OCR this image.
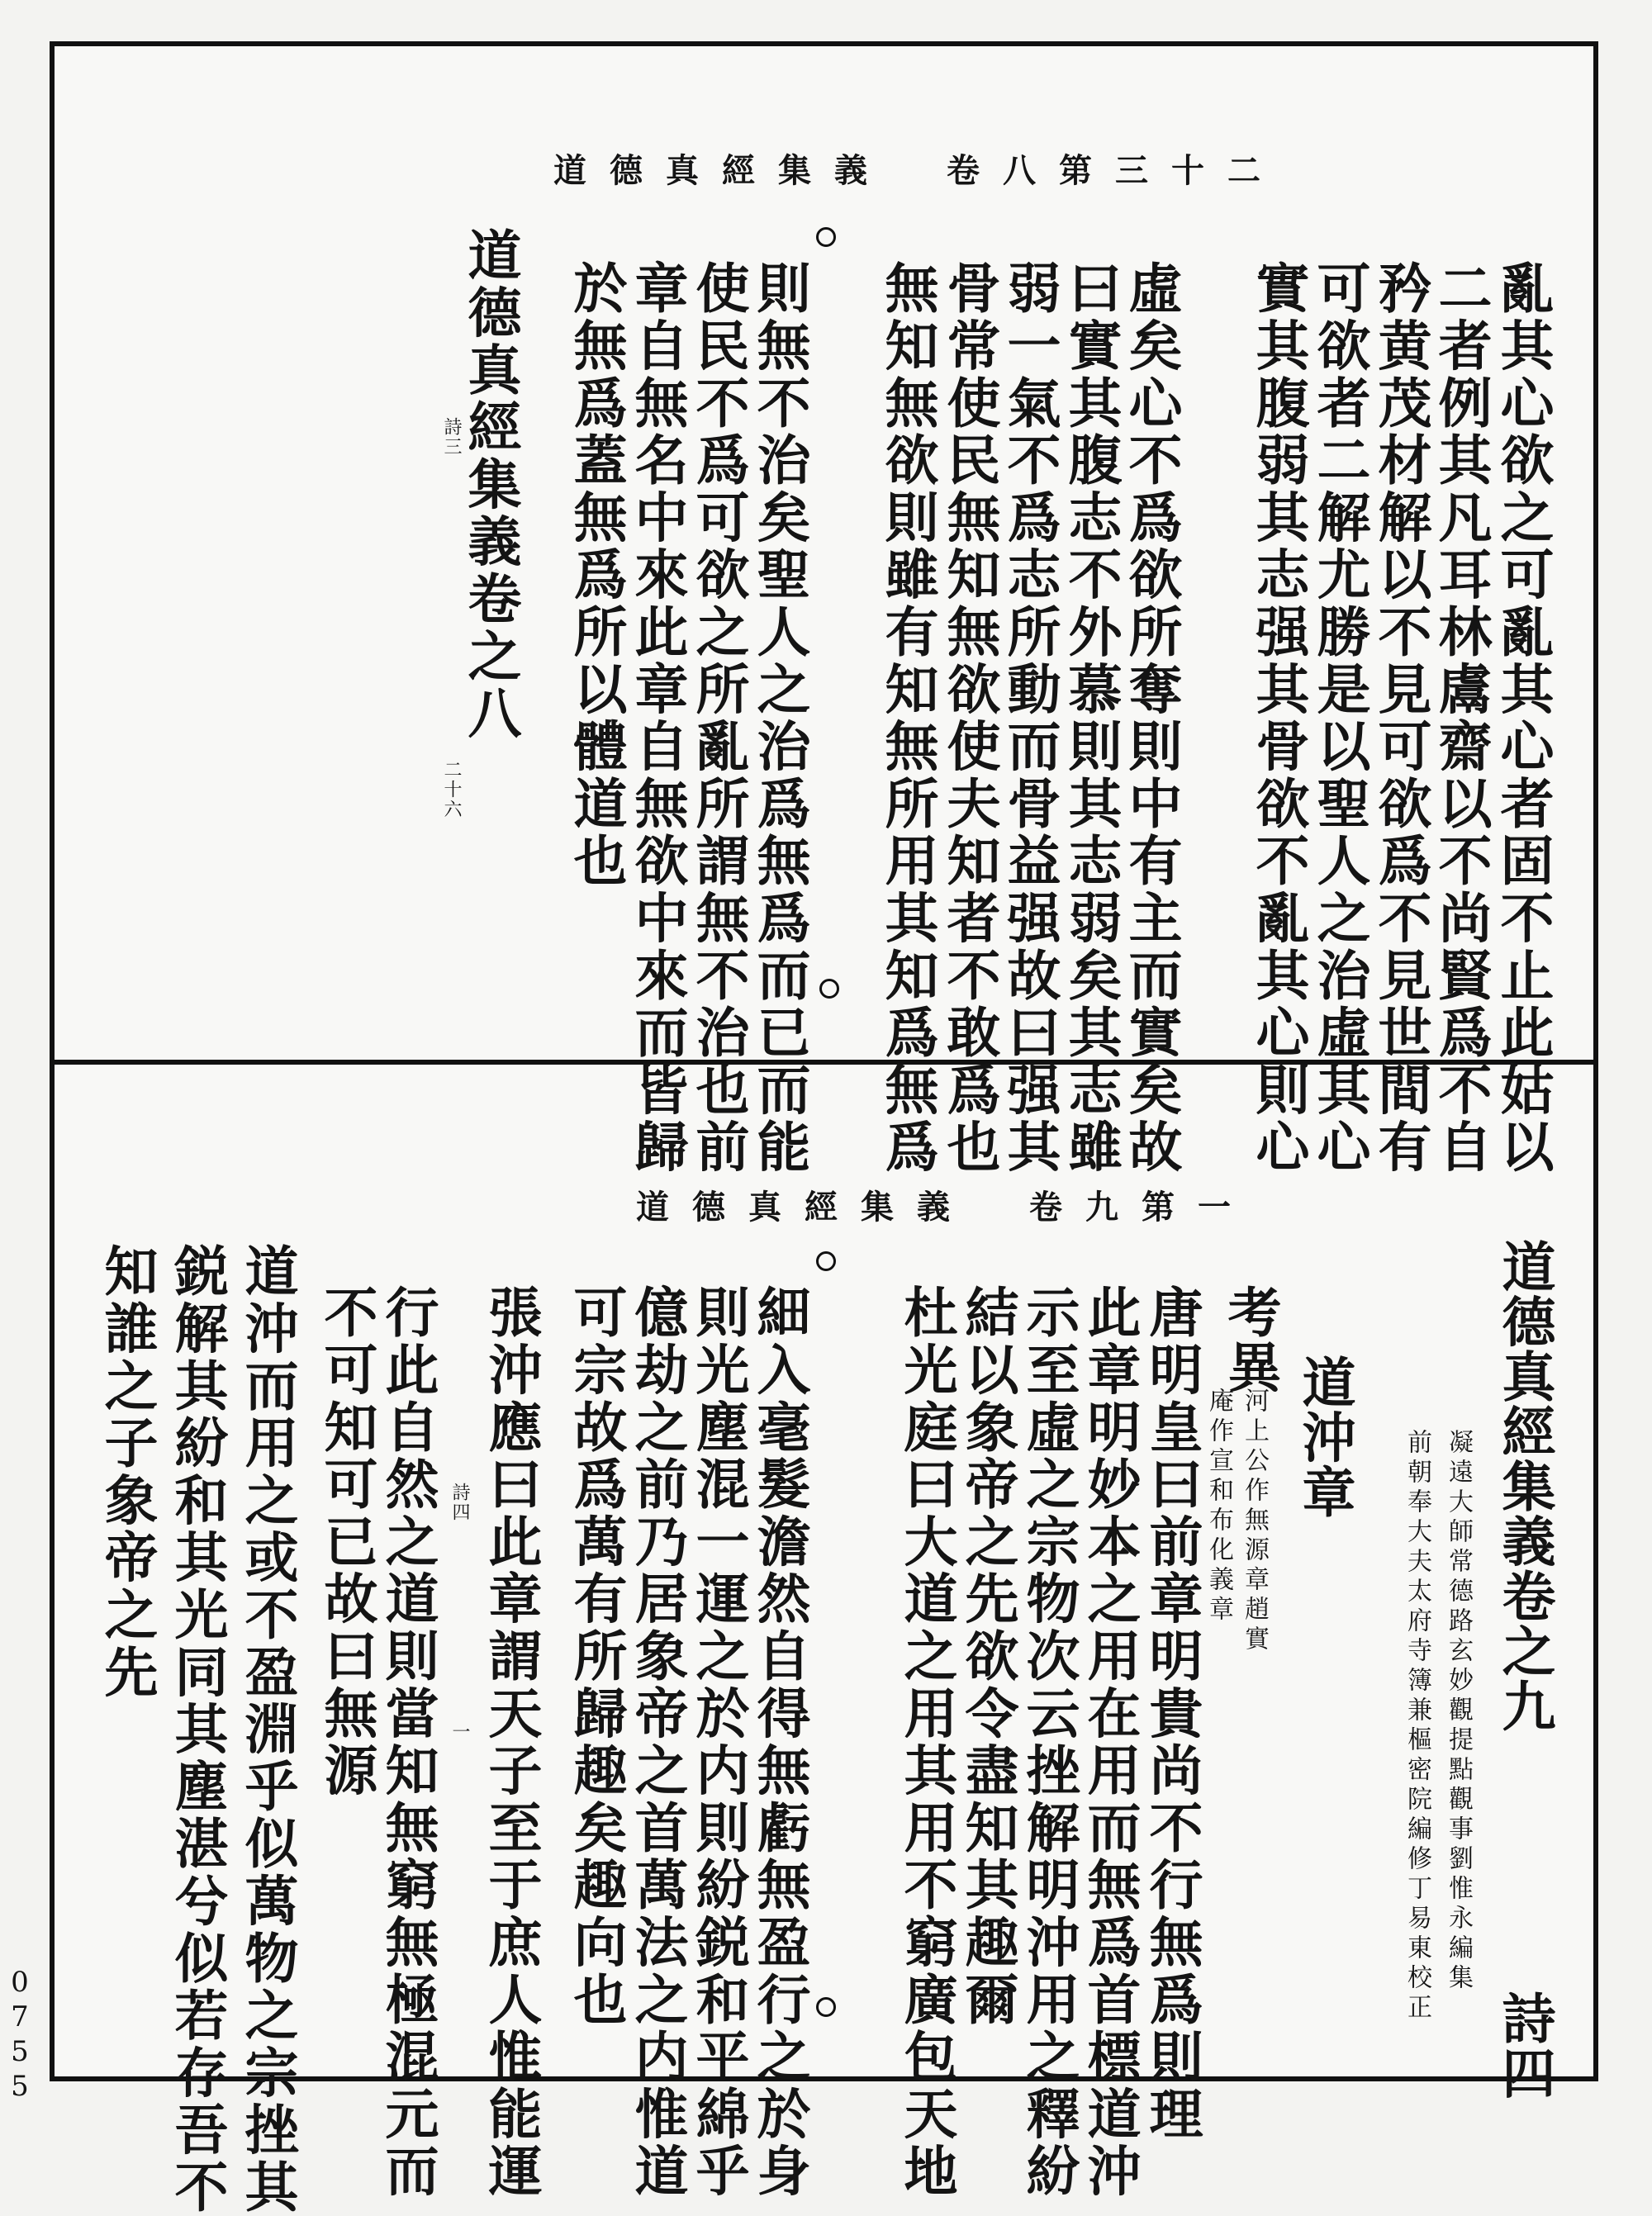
道德真經集義　卷八第三十二
亂其心欲之可亂其心者固不止此姑以
二者例其凡耳林鬳齋以不尚賢爲不自
矜黄茂材解以不見可欲爲不見世間有
可欲者二解尤勝是以聖人之治虛其心
實其腹弱其志强其骨欲不亂其心則心
虛矣心不爲欲所奪則中有主而實矣故
曰實其腹志不外慕則其志弱矣其志雖
弱一氣不爲志所動而骨益强故曰强其
骨常使民無知無欲使夫知者不敢爲也
無知無欲則雖有知無所用其知爲無爲
則無不治矣聖人之治爲無爲而已而能
使民不爲可欲之所亂所謂無不治也前
章自無名中來此章自無欲中來而皆歸
於無爲蓋無爲所以體道也
道德真經集義卷之八
詩三
二十六
道德真經集義　卷九第一
道德真經集義卷之九
凝遠大師常德路玄妙觀提點觀事劉惟永編集
前朝奉大夫太府寺簿兼樞密院編修丁易東校正
詩四
道沖章
考異
河上公作無源章趙實
庵作宣和布化義章
唐明皇曰前章明貴尚不行無爲則理
此章明妙本之用在用而無爲首標道沖
示至虛之宗物次云挫解明沖用之釋紛
結以象帝之先欲令盡知其趣爾
杜光庭曰大道之用其用不窮廣包天地
細入毫髮澹然自得無虧無盈行之於身
則光塵混一運之於内則紛鋭和平綿乎
億劫之前乃居象帝之首萬法之内惟道
可宗故爲萬有所歸趣矣趣向也
張沖應曰此章謂天子至于庶人惟能運
詩四
一
行此自然之道則當知無窮無極混元而
不可知可已故曰無源
道沖而用之或不盈淵乎似萬物之宗挫其
鋭解其紛和其光同其塵湛兮似若存吾不
知誰之子象帝之先
0755
